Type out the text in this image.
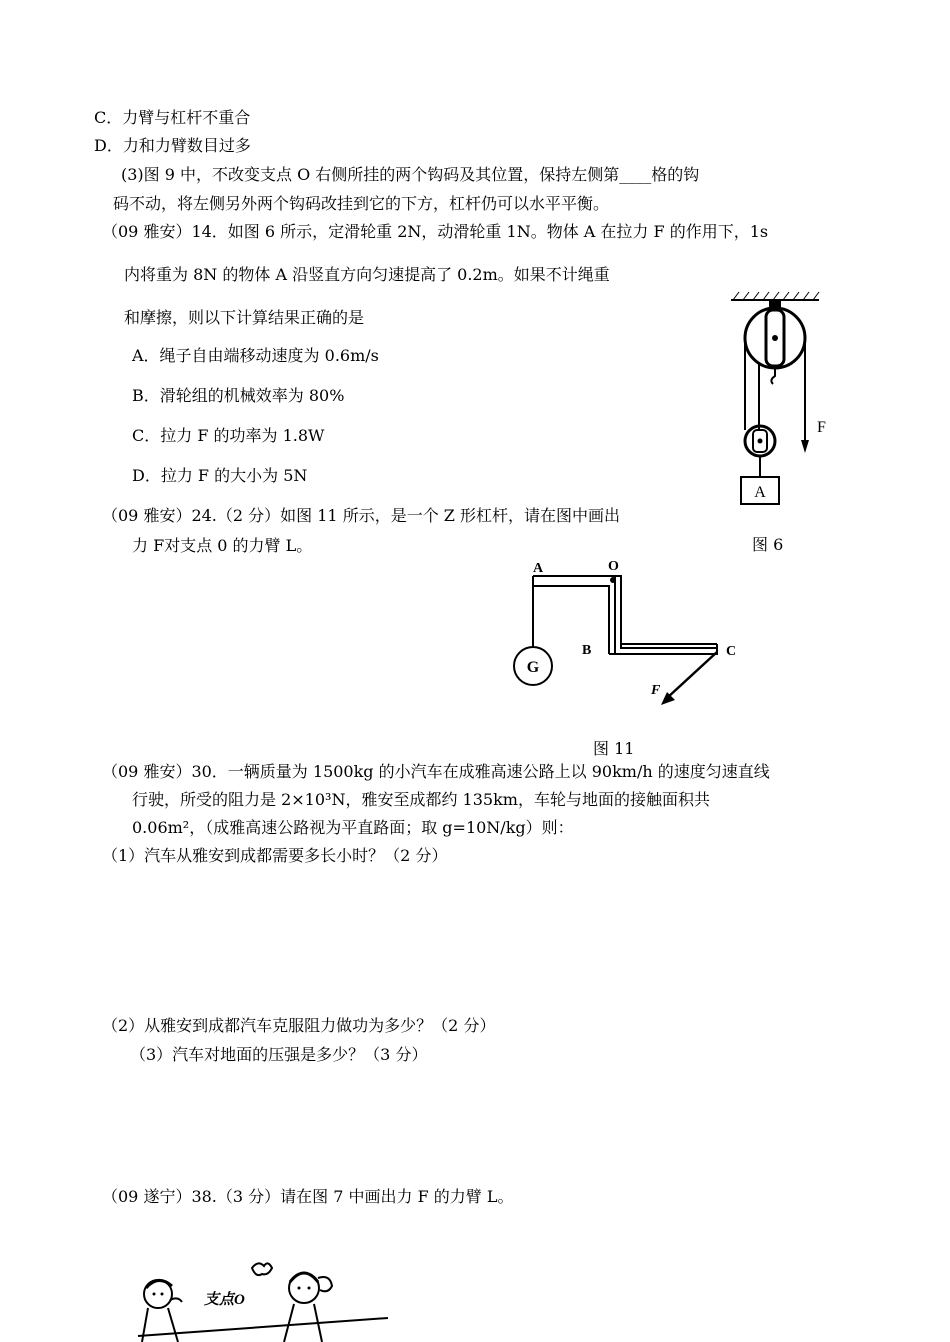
C．力臂与杠杆不重合
D．力和力臂数目过多
(3)图 9 中，不改变支点 O 右侧所挂的两个钩码及其位置，保持左侧第____格的钩
码不动，将左侧另外两个钩码改挂到它的下方，杠杆仍可以水平平衡。
（09 雅安）14．如图 6 所示，定滑轮重 2N，动滑轮重 1N。物体 A 在拉力 F 的作用下，1s
内将重为 8N 的物体 A 沿竖直方向匀速提高了 0.2m。如果不计绳重
和摩擦，则以下计算结果正确的是
A．绳子自由端移动速度为 0.6m/s
B．滑轮组的机械效率为 80%
C．拉力 F 的功率为 1.8W
D．拉力 F 的大小为 5N
（09 雅安）24.（2 分）如图 11 所示，是一个 Z 形杠杆，请在图中画出
力 F对支点 0 的力臂 L。
（09 雅安）30．一辆质量为 1500kg 的小汽车在成雅高速公路上以 90km/h 的速度匀速直线
行驶，所受的阻力是 2×10³N，雅安至成都约 135km，车轮与地面的接触面积共
0.06m²，（成雅高速公路视为平直路面；取 g=10N/kg）则：
（1）汽车从雅安到成都需要多长小时？（2 分）
（2）从雅安到成都汽车克服阻力做功为多少？（2 分）
（3）汽车对地面的压强是多少？（3 分）
（09 遂宁）38.（3 分）请在图 7 中画出力 F 的力臂 L。
A
F
图 6
G
A	O
B	C
F
图 11
支点O
